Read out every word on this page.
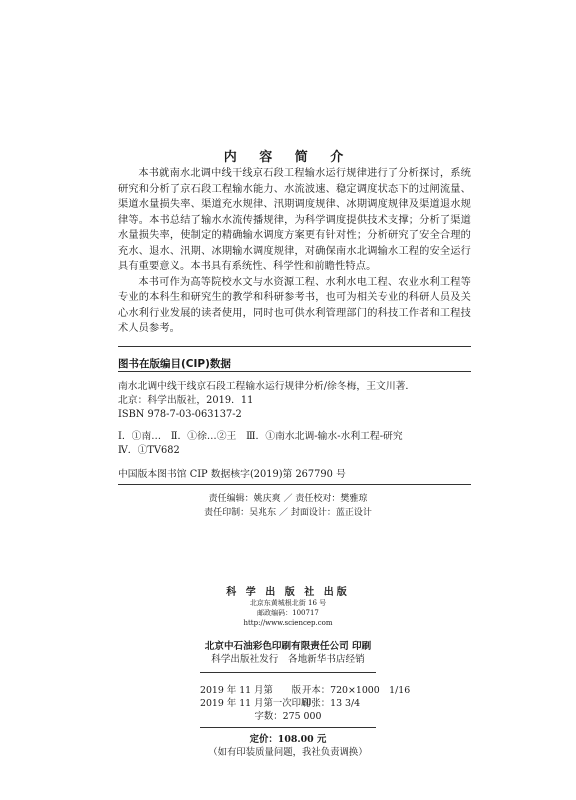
内 容 简 介

本书就南水北调中线干线京石段工程输水运行规律进行了分析探讨，系统研究和分析了京石段工程输水能力、水流波速、稳定调度状态下的过闸流量、渠道水量损失率、渠道充水规律、汛期调度规律、冰期调度规律及渠道退水规律等。本书总结了输水水流传播规律，为科学调度提供技术支撑；分析了渠道水量损失率，使制定的精确输水调度方案更有针对性；分析研究了安全合理的充水、退水、汛期、冰期输水调度规律，对确保南水北调输水工程的安全运行具有重要意义。本书具有系统性、科学性和前瞻性特点。

本书可作为高等院校水文与水资源工程、水利水电工程、农业水利工程等专业的本科生和研究生的教学和科研参考书，也可为相关专业的科研人员及关心水利行业发展的读者使用，同时也可供水利管理部门的科技工作者和工程技术人员参考。

图书在版编目(CIP)数据
南水北调中线干线京石段工程输水运行规律分析/徐冬梅，王文川著．
北京：科学出版社，2019．11
ISBN 978-7-03-063137-2
Ⅰ．①南…　Ⅱ．①徐…②王　Ⅲ．①南水北调-输水-水利工程-研究
Ⅳ．①TV682
中国版本图书馆 CIP 数据核字(2019)第 267790 号
责任编辑：姚庆爽 ／ 责任校对：樊雅琼
责任印制：吴兆东 ／ 封面设计：蓝正设计
科 学 出 版 社 出版
北京东黄城根北街 16 号
邮政编码：100717
http://www.sciencep.com
北京中石油彩色印刷有限责任公司 印刷
科学出版社发行　各地新华书店经销
2019 年 11 月第　　版 开本：720×1000　1/16
2019 年 11 月第一次印刷
印张：13 3/4
字数：275 000
定价：108.00 元
（如有印装质量问题，我社负责调换）
